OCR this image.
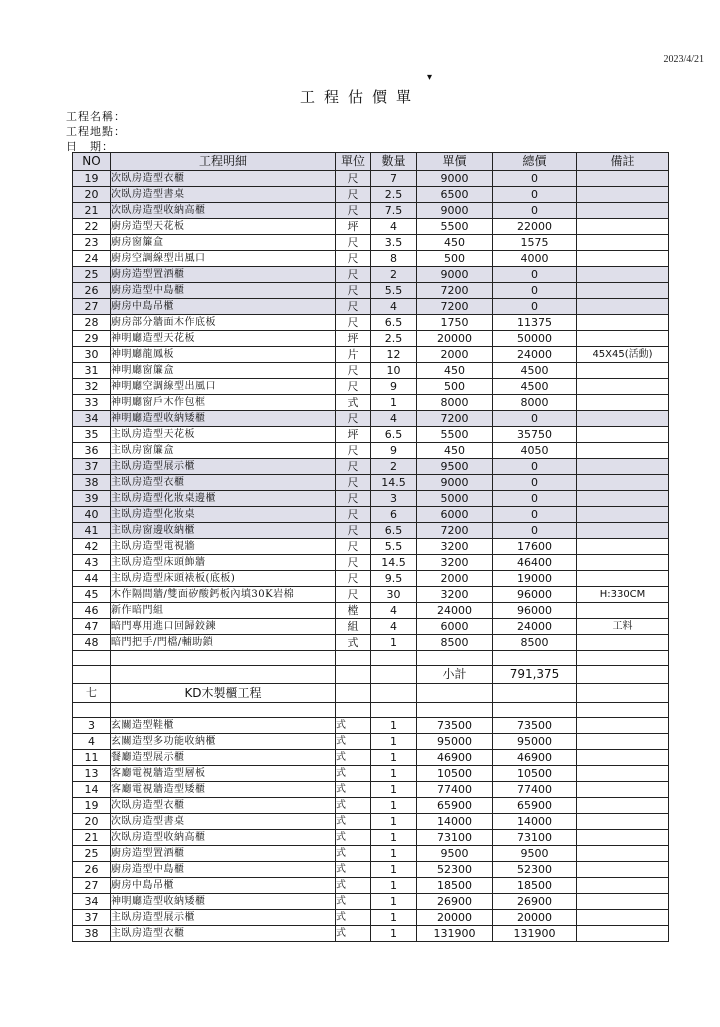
2023/4/21
▾
工程估價單
工程名稱：
工程地點：
日　期：
NO	工程明細	單位	數量	單價	總價	備註
19	次臥房造型衣櫃	尺	7	9000	0	
20	次臥房造型書桌	尺	2.5	6500	0	
21	次臥房造型收納高櫃	尺	7.5	9000	0	
22	廚房造型天花板	坪	4	5500	22000	
23	廚房窗簾盒	尺	3.5	450	1575	
24	廚房空調線型出風口	尺	8	500	4000	
25	廚房造型置酒櫃	尺	2	9000	0	
26	廚房造型中島櫃	尺	5.5	7200	0	
27	廚房中島吊櫃	尺	4	7200	0	
28	廚房部分牆面木作底板	尺	6.5	1750	11375	
29	神明廳造型天花板	坪	2.5	20000	50000	
30	神明廳龍鳳板	片	12	2000	24000	45X45(活動)
31	神明廳窗簾盒	尺	10	450	4500	
32	神明廳空調線型出風口	尺	9	500	4500	
33	神明廳窗戶木作包框	式	1	8000	8000	
34	神明廳造型收納矮櫃	尺	4	7200	0	
35	主臥房造型天花板	坪	6.5	5500	35750	
36	主臥房窗簾盒	尺	9	450	4050	
37	主臥房造型展示櫃	尺	2	9500	0	
38	主臥房造型衣櫃	尺	14.5	9000	0	
39	主臥房造型化妝桌邊櫃	尺	3	5000	0	
40	主臥房造型化妝桌	尺	6	6000	0	
41	主臥房窗邊收納櫃	尺	6.5	7200	0	
42	主臥房造型電視牆	尺	5.5	3200	17600	
43	主臥房造型床頭飾牆	尺	14.5	3200	46400	
44	主臥房造型床頭裱板(底板)	尺	9.5	2000	19000	
45	木作隔間牆/雙面矽酸鈣板內填30K岩棉	尺	30	3200	96000	H:330CM
46	新作暗門組	樘	4	24000	96000	
47	暗門專用進口回歸鉸鍊	組	4	6000	24000	工料
48	暗門把手/門檔/輔助鎖	式	1	8500	8500	

				小計	791,375	
七	KD木製櫃工程					

3	玄關造型鞋櫃	式	1	73500	73500	
4	玄關造型多功能收納櫃	式	1	95000	95000	
11	餐廳造型展示櫃	式	1	46900	46900	
13	客廳電視牆造型層板	式	1	10500	10500	
14	客廳電視牆造型矮櫃	式	1	77400	77400	
19	次臥房造型衣櫃	式	1	65900	65900	
20	次臥房造型書桌	式	1	14000	14000	
21	次臥房造型收納高櫃	式	1	73100	73100	
25	廚房造型置酒櫃	式	1	9500	9500	
26	廚房造型中島櫃	式	1	52300	52300	
27	廚房中島吊櫃	式	1	18500	18500	
34	神明廳造型收納矮櫃	式	1	26900	26900	
37	主臥房造型展示櫃	式	1	20000	20000	
38	主臥房造型衣櫃	式	1	131900	131900	
